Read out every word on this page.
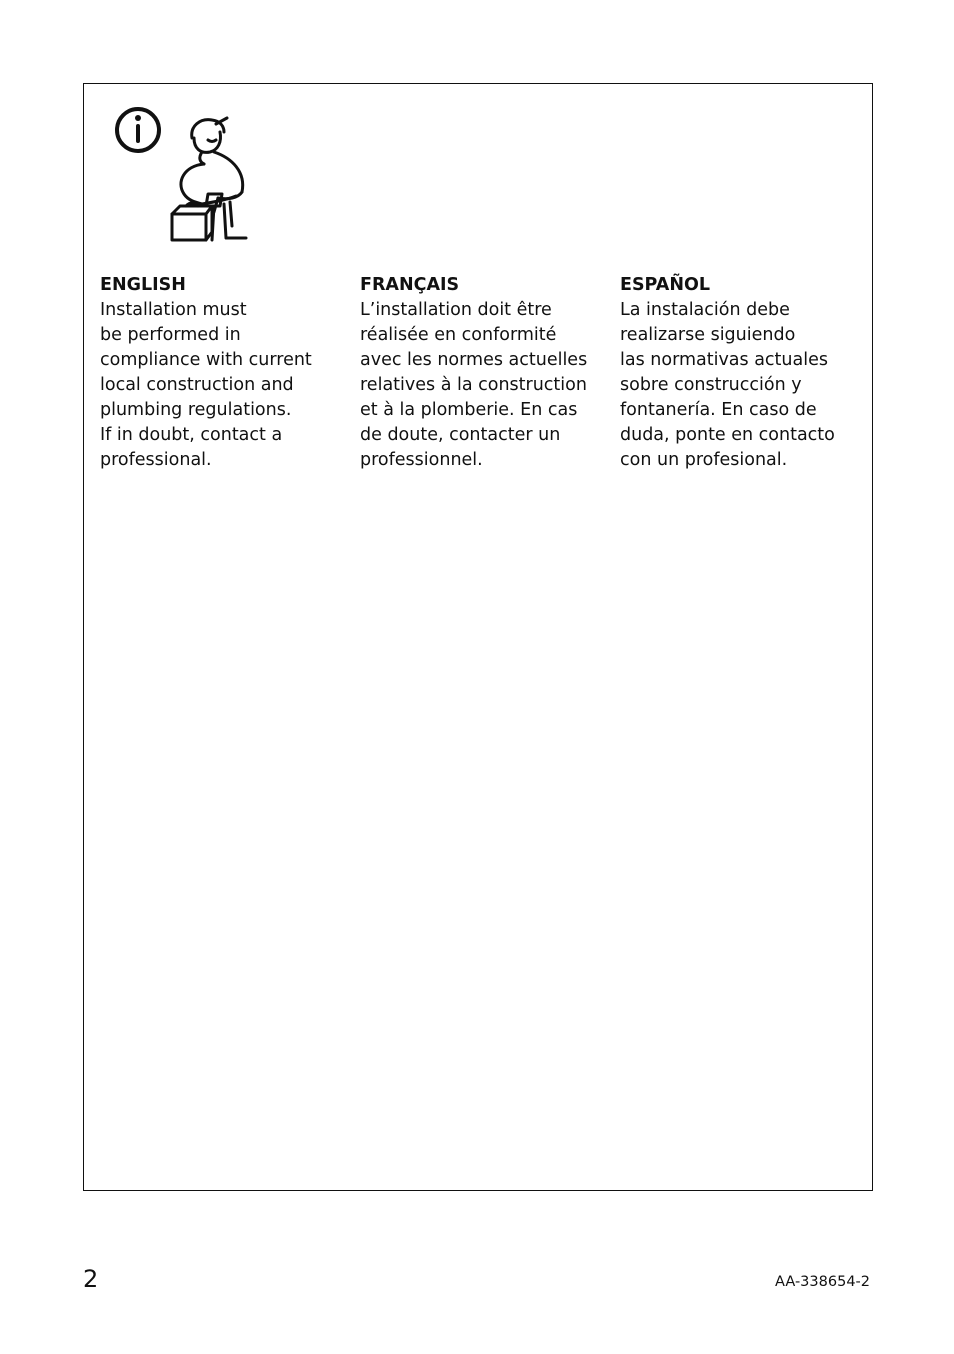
ENGLISH
Installation must
be performed in
compliance with current
local construction and
plumbing regulations.
If in doubt, contact a
professional.
FRANÇAIS
L’installation doit être
réalisée en conformité
avec les normes actuelles
relatives à la construction
et à la plomberie. En cas
de doute, contacter un
professionnel.
ESPAÑOL
La instalación debe
realizarse siguiendo
las normativas actuales
sobre construcción y
fontanería. En caso de
duda, ponte en contacto
con un profesional.
2	AA-338654-2
